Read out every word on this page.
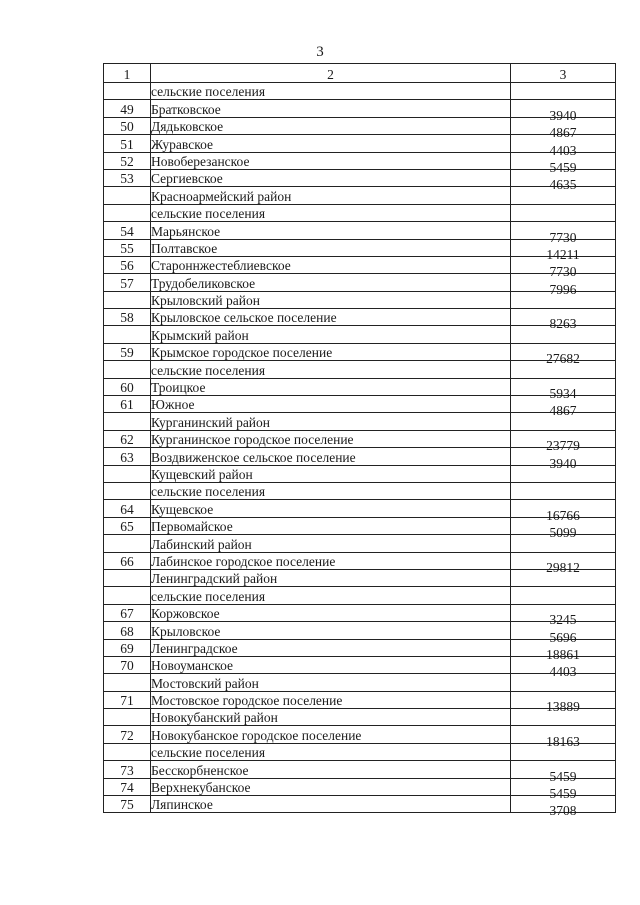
3
1	2	3
	сельские поселения	
49	Братковское	3940
50	Дядьковское	4867
51	Журавское	4403
52	Новоберезанское	5459
53	Сергиевское	4635
	Красноармейский район	
	сельские поселения	
54	Марьянское	7730
55	Полтавское	14211
56	Староннжестеблиевское	7730
57	Трудобеликовское	7996
	Крыловский район	
58	Крыловское сельское поселение	8263
	Крымский район	
59	Крымское городское поселение	27682
	сельские поселения	
60	Троицкое	5934
61	Южное	4867
	Курганинский район	
62	Курганинское городское поселение	23779
63	Воздвиженское сельское поселение	3940
	Кущевский район	
	сельские поселения	
64	Кущевское	16766
65	Первомайское	5099
	Лабинский район	
66	Лабинское городское поселение	29812
	Ленинградский район	
	сельские поселения	
67	Коржовское	3245
68	Крыловское	5696
69	Ленинградское	18861
70	Новоуманское	4403
	Мостовский район	
71	Мостовское городское поселение	13889
	Новокубанский район	
72	Новокубанское городское поселение	18163
	сельские поселения	
73	Бесскорбненское	5459
74	Верхнекубанское	5459
75	Ляпинское	3708
